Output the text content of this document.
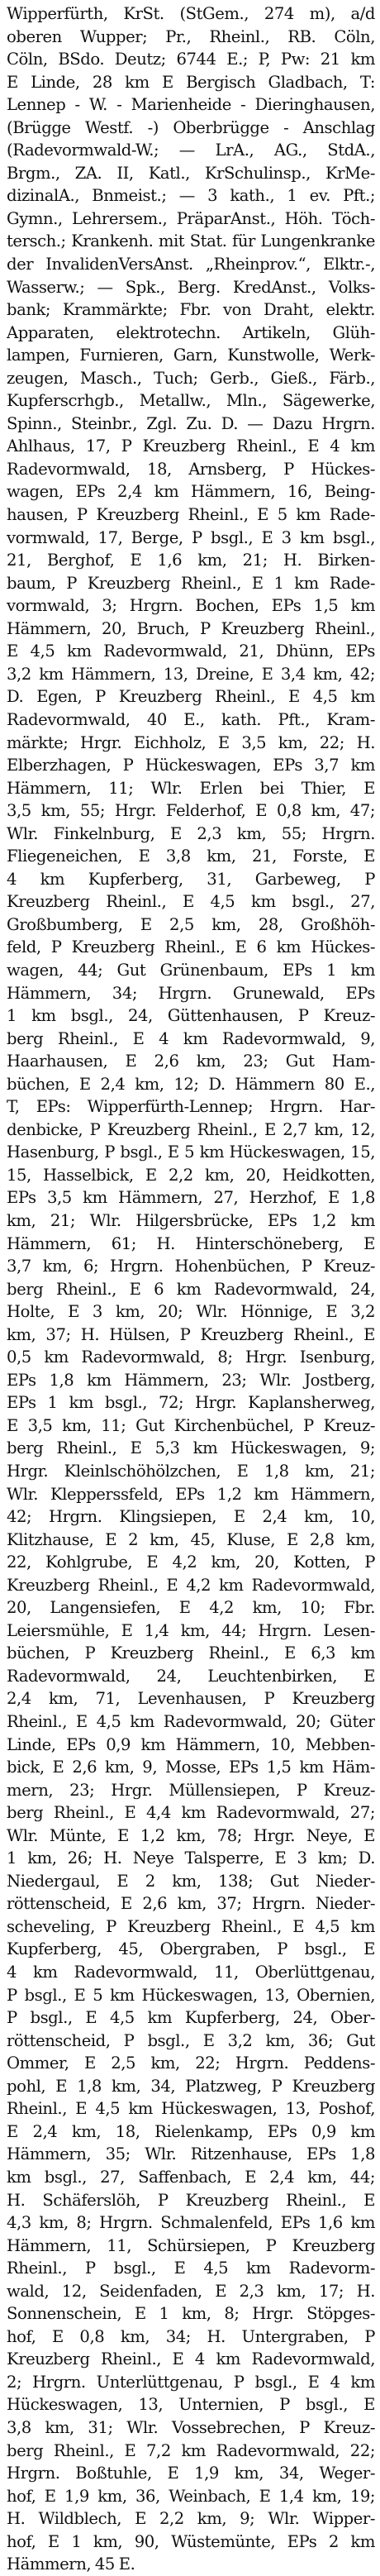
Wipperfürth, KrSt. (StGem., 274 m), a/d
oberen Wupper; Pr., Rheinl., RB. Cöln,
Cöln, BSdo. Deutz; 6744 E.; P, Pw: 21 km
E Linde, 28 km E Bergisch Gladbach, T:
Lennep - W. - Marienheide - Dieringhausen,
(Brügge Westf. -) Oberbrügge - Anschlag
(Radevormwald-W.; — LrA., AG., StdA.,
Brgm., ZA. II, Katl., KrSchulinsp., KrMe-
dizinalA., Bnmeist.; — 3 kath., 1 ev. Pft.;
Gymn., Lehrersem., PräparAnst., Höh. Töch-
tersch.; Krankenh. mit Stat. für Lungenkranke
der InvalidenVersAnst. „Rheinprov.“, Elktr.-,
Wasserw.; — Spk., Berg. KredAnst., Volks-
bank; Krammärkte; Fbr. von Draht, elektr.
Apparaten, elektrotechn. Artikeln, Glüh-
lampen, Furnieren, Garn, Kunstwolle, Werk-
zeugen, Masch., Tuch; Gerb., Gieß., Färb.,
Kupferscrhgb., Metallw., Mln., Sägewerke,
Spinn., Steinbr., Zgl. Zu. D. — Dazu Hrgrn.
Ahlhaus, 17, P Kreuzberg Rheinl., E 4 km
Radevormwald, 18, Arnsberg, P Hückes-
wagen, EPs 2,4 km Hämmern, 16, Being-
hausen, P Kreuzberg Rheinl., E 5 km Rade-
vormwald, 17, Berge, P bsgl., E 3 km bsgl.,
21, Berghof, E 1,6 km, 21; H. Birken-
baum, P Kreuzberg Rheinl., E 1 km Rade-
vormwald, 3; Hrgrn. Bochen, EPs 1,5 km
Hämmern, 20, Bruch, P Kreuzberg Rheinl.,
E 4,5 km Radevormwald, 21, Dhünn, EPs
3,2 km Hämmern, 13, Dreine, E 3,4 km, 42;
D. Egen, P Kreuzberg Rheinl., E 4,5 km
Radevormwald, 40 E., kath. Pft., Kram-
märkte; Hrgr. Eichholz, E 3,5 km, 22; H.
Elberzhagen, P Hückeswagen, EPs 3,7 km
Hämmern, 11; Wlr. Erlen bei Thier, E
3,5 km, 55; Hrgr. Felderhof, E 0,8 km, 47;
Wlr. Finkelnburg, E 2,3 km, 55; Hrgrn.
Fliegeneichen, E 3,8 km, 21, Forste, E
4 km Kupferberg, 31, Garbeweg, P
Kreuzberg Rheinl., E 4,5 km bsgl., 27,
Großbumberg, E 2,5 km, 28, Großhöh-
feld, P Kreuzberg Rheinl., E 6 km Hückes-
wagen, 44; Gut Grünenbaum, EPs 1 km
Hämmern, 34; Hrgrn. Grunewald, EPs
1 km bsgl., 24, Güttenhausen, P Kreuz-
berg Rheinl., E 4 km Radevormwald, 9,
Haarhausen, E 2,6 km, 23; Gut Ham-
büchen, E 2,4 km, 12; D. Hämmern 80 E.,
T, EPs: Wipperfürth-Lennep; Hrgrn. Har-
denbicke, P Kreuzberg Rheinl., E 2,7 km, 12,
Hasenburg, P bsgl., E 5 km Hückeswagen, 15,
15, Hasselbick, E 2,2 km, 20, Heidkotten,
EPs 3,5 km Hämmern, 27, Herzhof, E 1,8
km, 21; Wlr. Hilgersbrücke, EPs 1,2 km
Hämmern, 61; H. Hinterschöneberg, E
3,7 km, 6; Hrgrn. Hohenbüchen, P Kreuz-
berg Rheinl., E 6 km Radevormwald, 24,
Holte, E 3 km, 20; Wlr. Hönnige, E 3,2
km, 37; H. Hülsen, P Kreuzberg Rheinl., E
0,5 km Radevormwald, 8; Hrgr. Isenburg,
EPs 1,8 km Hämmern, 23; Wlr. Jostberg,
EPs 1 km bsgl., 72; Hrgr. Kaplansherweg,
E 3,5 km, 11; Gut Kirchenbüchel, P Kreuz-
berg Rheinl., E 5,3 km Hückeswagen, 9;
Hrgr. Kleinlschöhölzchen, E 1,8 km, 21;
Wlr. Klepperssfeld, EPs 1,2 km Hämmern,
42; Hrgrn. Klingsiepen, E 2,4 km, 10,
Klitzhause, E 2 km, 45, Kluse, E 2,8 km,
22, Kohlgrube, E 4,2 km, 20, Kotten, P
Kreuzberg Rheinl., E 4,2 km Radevormwald,
20, Langensiefen, E 4,2 km, 10; Fbr.
Leiersmühle, E 1,4 km, 44; Hrgrn. Lesen-
büchen, P Kreuzberg Rheinl., E 6,3 km
Radevormwald, 24, Leuchtenbirken, E
2,4 km, 71, Levenhausen, P Kreuzberg
Rheinl., E 4,5 km Radevormwald, 20; Güter
Linde, EPs 0,9 km Hämmern, 10, Mebben-
bick, E 2,6 km, 9, Mosse, EPs 1,5 km Häm-
mern, 23; Hrgr. Müllensiepen, P Kreuz-
berg Rheinl., E 4,4 km Radevormwald, 27;
Wlr. Münte, E 1,2 km, 78; Hrgr. Neye, E
1 km, 26; H. Neye Talsperre, E 3 km; D.
Niedergaul, E 2 km, 138; Gut Nieder-
röttenscheid, E 2,6 km, 37; Hrgrn. Nieder-
scheveling, P Kreuzberg Rheinl., E 4,5 km
Kupferberg, 45, Obergraben, P bsgl., E
4 km Radevormwald, 11, Oberlüttgenau,
P bsgl., E 5 km Hückeswagen, 13, Obernien,
P bsgl., E 4,5 km Kupferberg, 24, Ober-
röttenscheid, P bsgl., E 3,2 km, 36; Gut
Ommer, E 2,5 km, 22; Hrgrn. Peddens-
pohl, E 1,8 km, 34, Platzweg, P Kreuzberg
Rheinl., E 4,5 km Hückeswagen, 13, Poshof,
E 2,4 km, 18, Rielenkamp, EPs 0,9 km
Hämmern, 35; Wlr. Ritzenhause, EPs 1,8
km bsgl., 27, Saffenbach, E 2,4 km, 44;
H. Schäferslöh, P Kreuzberg Rheinl., E
4,3 km, 8; Hrgrn. Schmalenfeld, EPs 1,6 km
Hämmern, 11, Schürsiepen, P Kreuzberg
Rheinl., P bsgl., E 4,5 km Radevorm-
wald, 12, Seidenfaden, E 2,3 km, 17; H.
Sonnenschein, E 1 km, 8; Hrgr. Stöpges-
hof, E 0,8 km, 34; H. Untergraben, P
Kreuzberg Rheinl., E 4 km Radevormwald,
2; Hrgrn. Unterlüttgenau, P bsgl., E 4 km
Hückeswagen, 13, Unternien, P bsgl., E
3,8 km, 31; Wlr. Vossebrechen, P Kreuz-
berg Rheinl., E 7,2 km Radevormwald, 22;
Hrgrn. Boßtuhle, E 1,9 km, 34, Weger-
hof, E 1,9 km, 36, Weinbach, E 1,4 km, 19;
H. Wildblech, E 2,2 km, 9; Wlr. Wipper-
hof, E 1 km, 90, Wüstemünte, EPs 2 km
Hämmern, 45 E.
